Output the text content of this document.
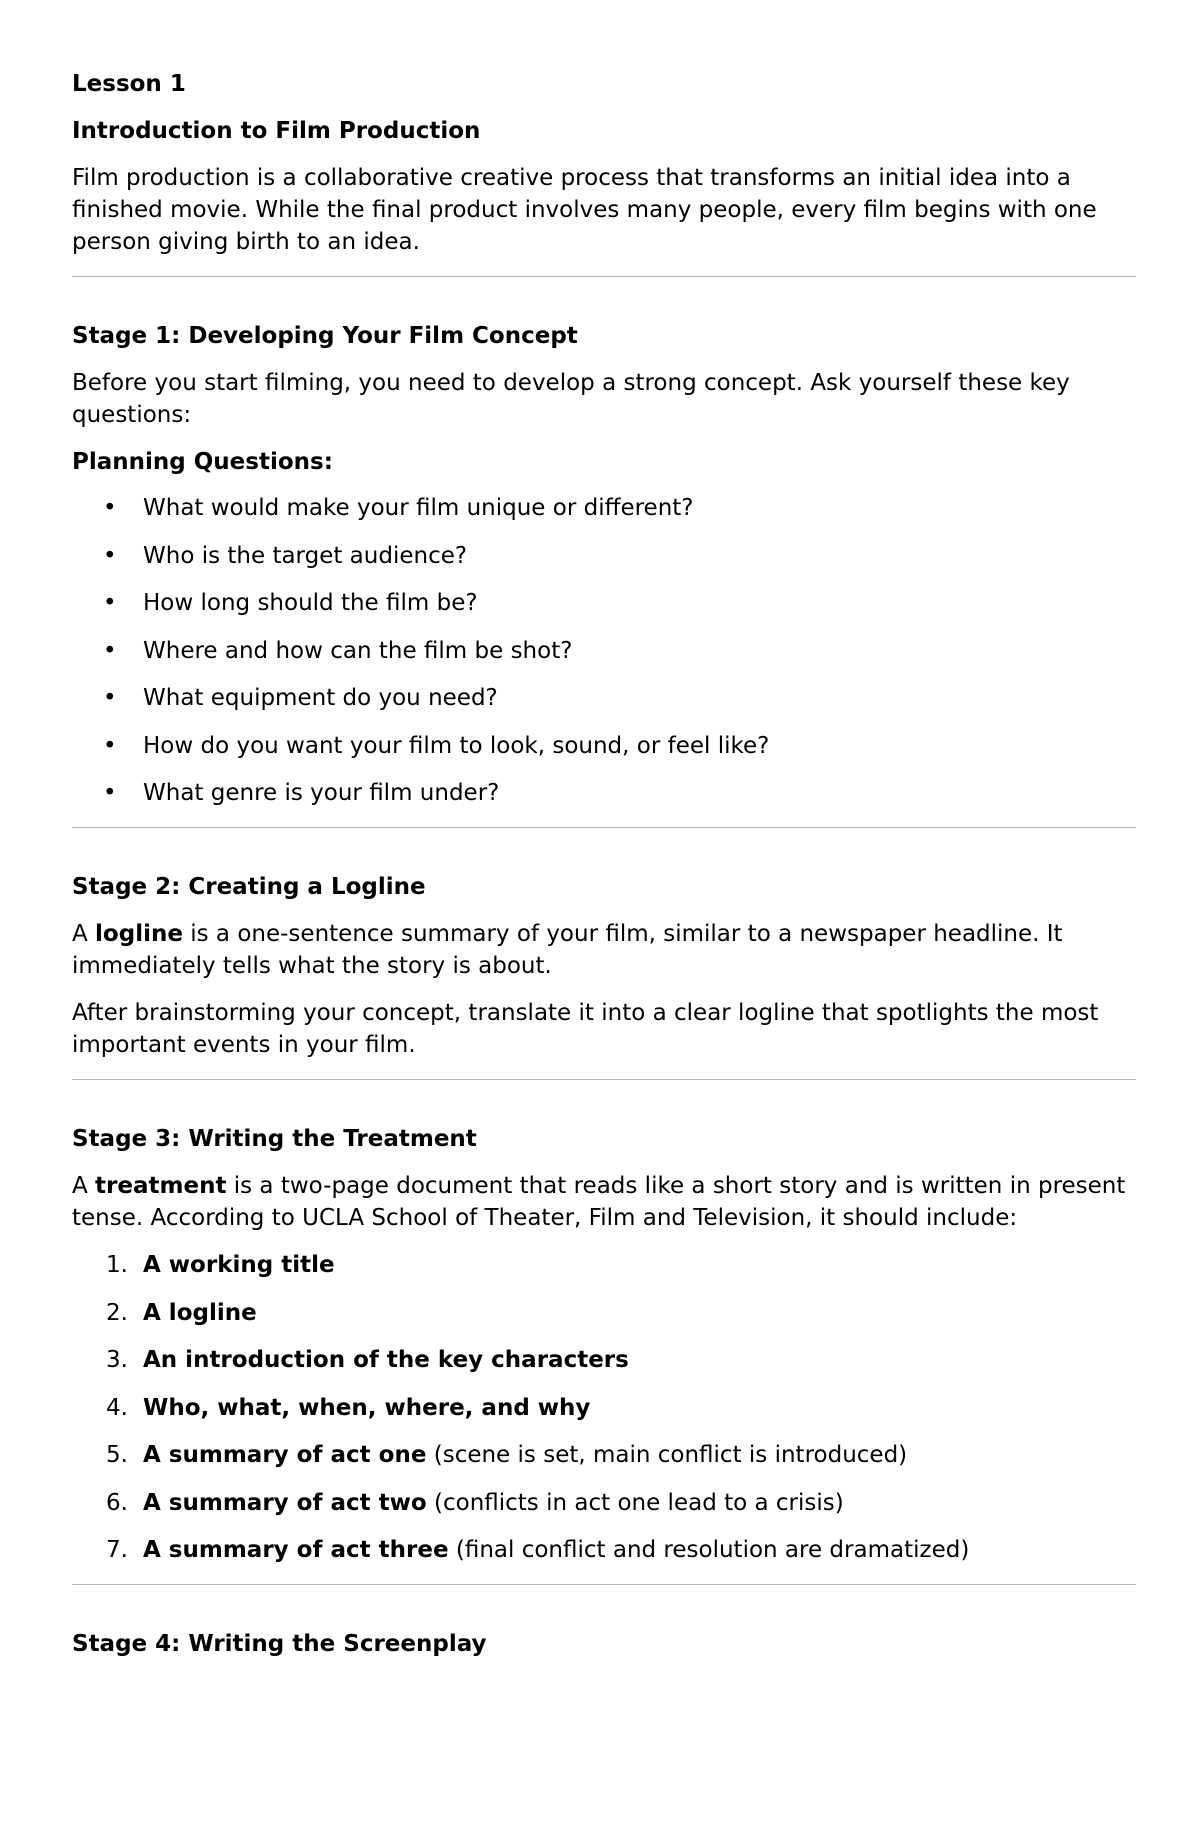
Lesson 1
Introduction to Film Production

Film production is a collaborative creative process that transforms an initial idea into a finished movie. While the final product involves many people, every film begins with one person giving birth to an idea.

Stage 1: Developing Your Film Concept

Before you start filming, you need to develop a strong concept. Ask yourself these key questions:

Planning Questions:
• What would make your film unique or different?
• Who is the target audience?
• How long should the film be?
• Where and how can the film be shot?
• What equipment do you need?
• How do you want your film to look, sound, or feel like?
• What genre is your film under?
Stage 2: Creating a Logline

A logline is a one-sentence summary of your film, similar to a newspaper headline. It immediately tells what the story is about.

After brainstorming your concept, translate it into a clear logline that spotlights the most important events in your film.

Stage 3: Writing the Treatment

A treatment is a two-page document that reads like a short story and is written in present tense. According to UCLA School of Theater, Film and Television, it should include:

1. A working title
2. A logline
3. An introduction of the key characters
4. Who, what, when, where, and why
5. A summary of act one (scene is set, main conflict is introduced)
6. A summary of act two (conflicts in act one lead to a crisis)
7. A summary of act three (final conflict and resolution are dramatized)
Stage 4: Writing the Screenplay
